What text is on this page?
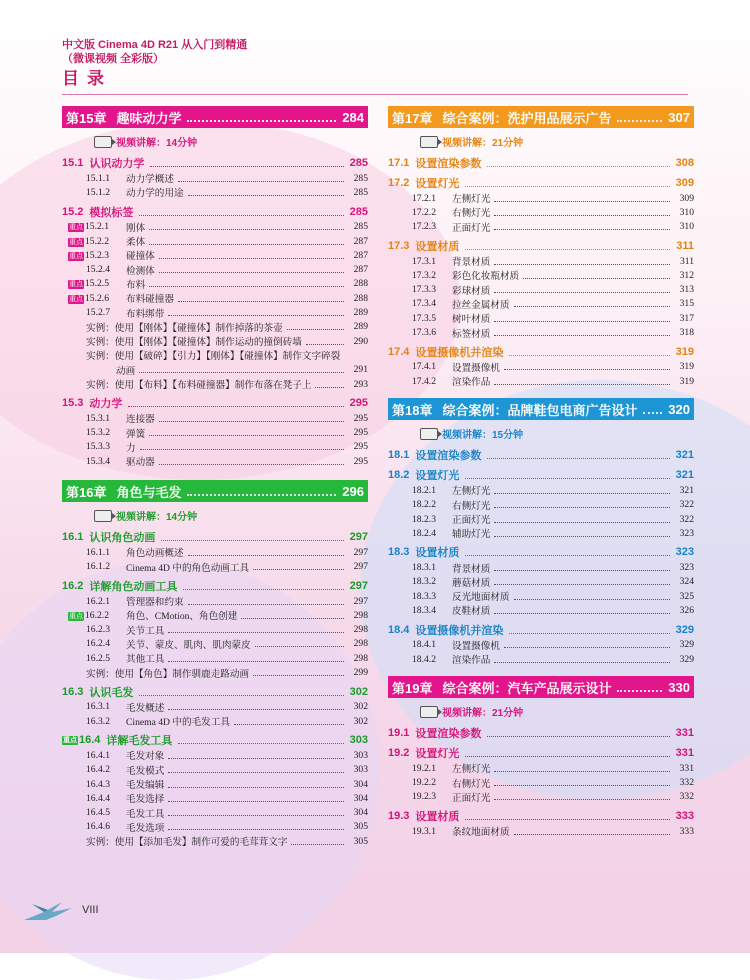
中文版 Cinema 4D R21 从入门到精通
（微课视频 全彩版）
目录
第15章 趣味动力学	284
视频讲解：14分钟
15.1 认识动力学	285
15.1.1	动力学概述	285
15.1.2	动力学的用途	285
15.2 模拟标签	285
重点 15.2.1	刚体	285
重点 15.2.2	柔体	287
重点 15.2.3	碰撞体	287
15.2.4	检测体	287
重点 15.2.5	布料	288
重点 15.2.6	布料碰撞器	288
15.2.7	布料绑带	289
实例：使用【刚体】【碰撞体】制作掉落的茶壶	289
实例：使用【刚体】【碰撞体】制作运动的撞倒砖墙	290
实例：使用【破碎】【引力】【刚体】【碰撞体】制作文字碎裂
动画	291
实例：使用【布料】【布料碰撞器】制作布落在凳子上	293
15.3 动力学	295
15.3.1	连接器	295
15.3.2	弹簧	295
15.3.3	力	295
15.3.4	驱动器	295
第16章 角色与毛发	296
视频讲解：14分钟
16.1 认识角色动画	297
16.1.1	角色动画概述	297
16.1.2	Cinema 4D 中的角色动画工具	297
16.2 详解角色动画工具	297
16.2.1	管理器和约束	297
重点 16.2.2	角色、CMotion、角色创建	298
16.2.3	关节工具	298
16.2.4	关节、蒙皮、肌肉、肌肉蒙皮	298
16.2.5	其他工具	298
实例：使用【角色】制作驯鹿走路动画	299
16.3 认识毛发	302
16.3.1	毛发概述	302
16.3.2	Cinema 4D 中的毛发工具	302
重点 16.4 详解毛发工具	303
16.4.1	毛发对象	303
16.4.2	毛发模式	303
16.4.3	毛发编辑	304
16.4.4	毛发选择	304
16.4.5	毛发工具	304
16.4.6	毛发选项	305
实例：使用【添加毛发】制作可爱的毛茸茸文字	305
第17章 综合案例：洗护用品展示广告	307
视频讲解：21分钟
17.1 设置渲染参数	308
17.2 设置灯光	309
17.2.1	左侧灯光	309
17.2.2	右侧灯光	310
17.2.3	正面灯光	310
17.3 设置材质	311
17.3.1	背景材质	311
17.3.2	彩色化妆瓶材质	312
17.3.3	彩球材质	313
17.3.4	拉丝金属材质	315
17.3.5	树叶材质	317
17.3.6	标签材质	318
17.4 设置摄像机并渲染	319
17.4.1	设置摄像机	319
17.4.2	渲染作品	319
第18章 综合案例：品牌鞋包电商广告设计 320
视频讲解：15分钟
18.1 设置渲染参数	321
18.2 设置灯光	321
18.2.1	左侧灯光	321
18.2.2	右侧灯光	322
18.2.3	正面灯光	322
18.2.4	辅助灯光	323
18.3 设置材质	323
18.3.1	背景材质	323
18.3.2	蘑菇材质	324
18.3.3	反光地面材质	325
18.3.4	皮鞋材质	326
18.4 设置摄像机并渲染	329
18.4.1	设置摄像机	329
18.4.2	渲染作品	329
第19章 综合案例：汽车产品展示设计	330
视频讲解：21分钟
19.1 设置渲染参数	331
19.2 设置灯光	331
19.2.1	左侧灯光	331
19.2.2	右侧灯光	332
19.2.3	正面灯光	332
19.3 设置材质	333
19.3.1	条纹地面材质	333
VIII
